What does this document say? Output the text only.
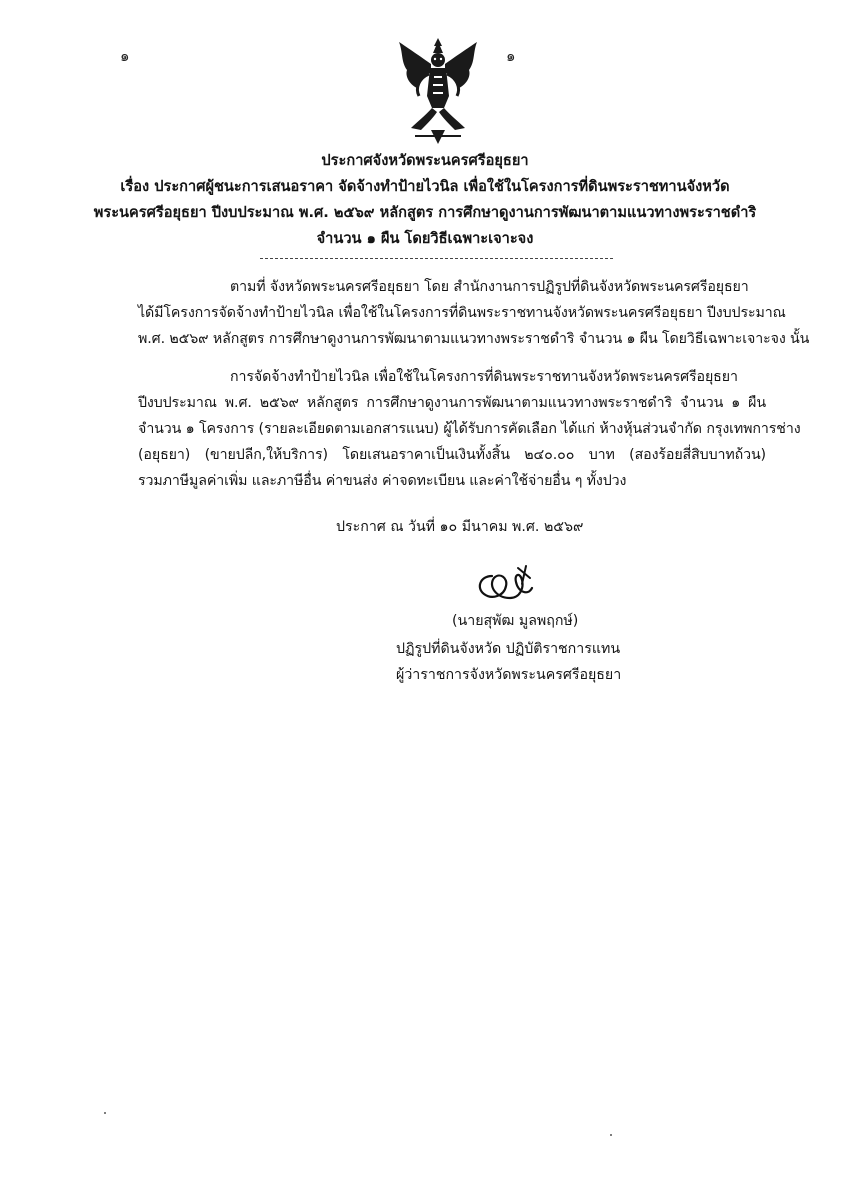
๑	๑
ประกาศจังหวัดพระนครศรีอยุธยา
เรื่อง ประกาศผู้ชนะการเสนอราคา จัดจ้างทำป้ายไวนิล เพื่อใช้ในโครงการที่ดินพระราชทานจังหวัด
พระนครศรีอยุธยา ปีงบประมาณ พ.ศ. ๒๕๖๙ หลักสูตร การศึกษาดูงานการพัฒนาตามแนวทางพระราชดำริ
จำนวน ๑ ผืน โดยวิธีเฉพาะเจาะจง
ตามที่ จังหวัดพระนครศรีอยุธยา โดย สำนักงานการปฏิรูปที่ดินจังหวัดพระนครศรีอยุธยา
ได้มีโครงการจัดจ้างทำป้ายไวนิล เพื่อใช้ในโครงการที่ดินพระราชทานจังหวัดพระนครศรีอยุธยา ปีงบประมาณ
พ.ศ. ๒๕๖๙ หลักสูตร การศึกษาดูงานการพัฒนาตามแนวทางพระราชดำริ จำนวน ๑ ผืน โดยวิธีเฉพาะเจาะจง นั้น
การจัดจ้างทำป้ายไวนิล เพื่อใช้ในโครงการที่ดินพระราชทานจังหวัดพระนครศรีอยุธยา
ปีงบประมาณ พ.ศ. ๒๕๖๙ หลักสูตร การศึกษาดูงานการพัฒนาตามแนวทางพระราชดำริ จำนวน ๑ ผืน
จำนวน ๑ โครงการ (รายละเอียดตามเอกสารแนบ) ผู้ได้รับการคัดเลือก ได้แก่ ห้างหุ้นส่วนจำกัด กรุงเทพการช่าง
(อยุธยา) (ขายปลีก,ให้บริการ) โดยเสนอราคาเป็นเงินทั้งสิ้น ๒๔๐.๐๐ บาท (สองร้อยสี่สิบบาทถ้วน)
รวมภาษีมูลค่าเพิ่ม และภาษีอื่น ค่าขนส่ง ค่าจดทะเบียน และค่าใช้จ่ายอื่น ๆ ทั้งปวง
ประกาศ ณ วันที่ ๑๐ มีนาคม พ.ศ. ๒๕๖๙
(นายสุพัฒ มูลพฤกษ์)
ปฏิรูปที่ดินจังหวัด ปฏิบัติราชการแทน
ผู้ว่าราชการจังหวัดพระนครศรีอยุธยา
